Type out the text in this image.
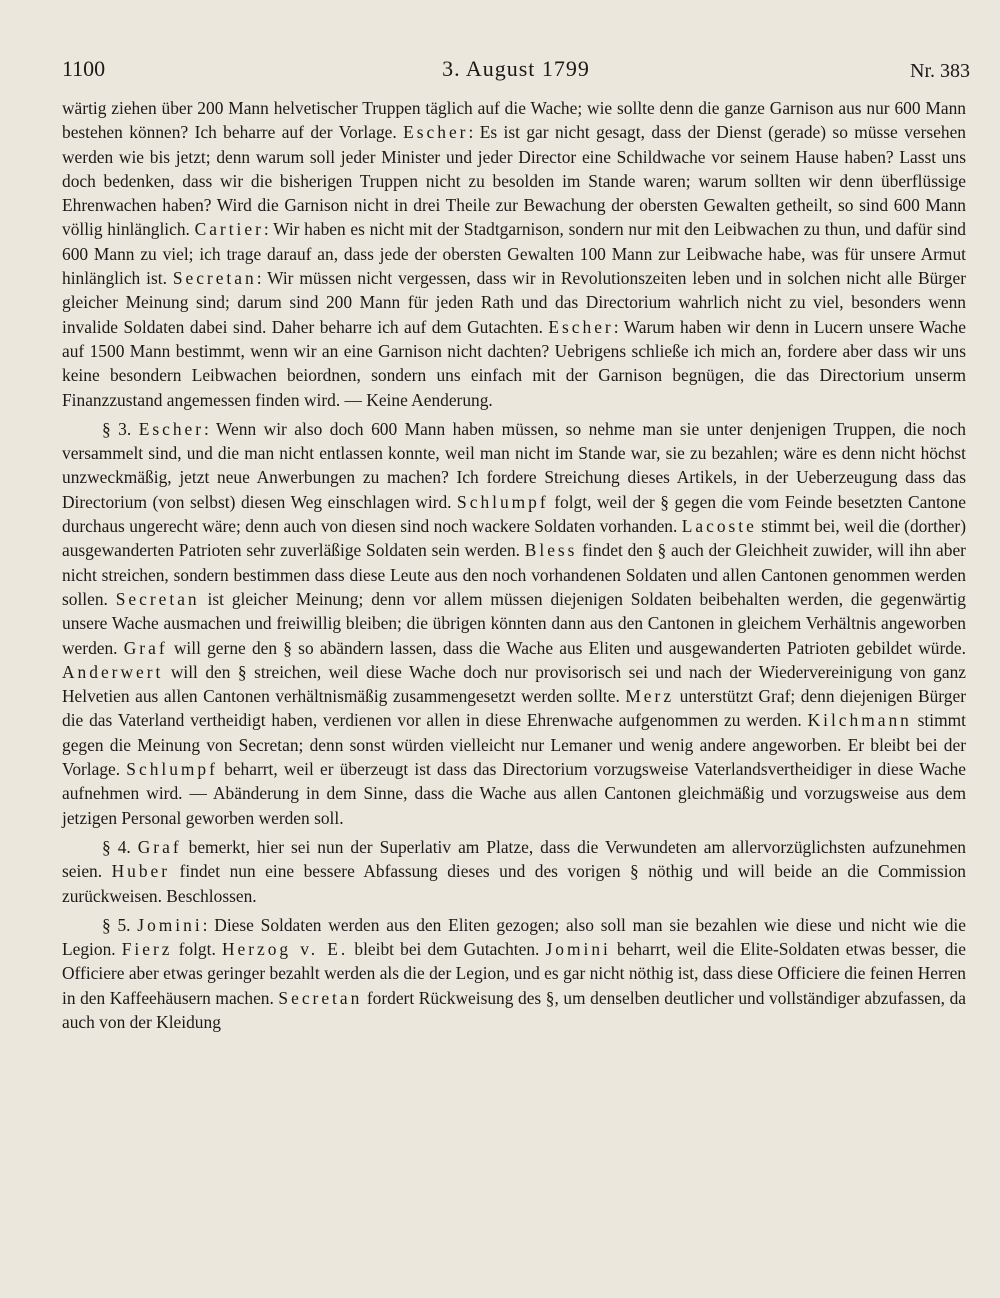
1100	3. August 1799	Nr. 383

wärtig ziehen über 200 Mann helvetischer Truppen täglich auf die Wache; wie sollte denn die ganze Garnison aus nur 600 Mann bestehen können? Ich beharre auf der Vorlage. Escher: Es ist gar nicht gesagt, dass der Dienst (gerade) so müsse versehen werden wie bis jetzt; denn warum soll jeder Minister und jeder Director eine Schildwache vor seinem Hause haben? Lasst uns doch bedenken, dass wir die bisherigen Truppen nicht zu besolden im Stande waren; warum sollten wir denn überflüssige Ehrenwachen haben? Wird die Garnison nicht in drei Theile zur Bewachung der obersten Gewalten getheilt, so sind 600 Mann völlig hinlänglich. Cartier: Wir haben es nicht mit der Stadtgarnison, sondern nur mit den Leibwachen zu thun, und dafür sind 600 Mann zu viel; ich trage darauf an, dass jede der obersten Gewalten 100 Mann zur Leibwache habe, was für unsere Armut hinlänglich ist. Secretan: Wir müssen nicht vergessen, dass wir in Revolutionszeiten leben und in solchen nicht alle Bürger gleicher Meinung sind; darum sind 200 Mann für jeden Rath und das Directorium wahrlich nicht zu viel, besonders wenn invalide Soldaten dabei sind. Daher beharre ich auf dem Gutachten. Escher: Warum haben wir denn in Lucern unsere Wache auf 1500 Mann bestimmt, wenn wir an eine Garnison nicht dachten? Uebrigens schließe ich mich an, fordere aber dass wir uns keine besondern Leibwachen beiordnen, sondern uns einfach mit der Garnison begnügen, die das Directorium unserm Finanzzustand angemessen finden wird. — Keine Aenderung.

§ 3. Escher: Wenn wir also doch 600 Mann haben müssen, so nehme man sie unter denjenigen Truppen, die noch versammelt sind, und die man nicht entlassen konnte, weil man nicht im Stande war, sie zu bezahlen; wäre es denn nicht höchst unzweckmäßig, jetzt neue Anwerbungen zu machen? Ich fordere Streichung dieses Artikels, in der Ueberzeugung dass das Directorium (von selbst) diesen Weg einschlagen wird. Schlumpf folgt, weil der § gegen die vom Feinde besetzten Cantone durchaus ungerecht wäre; denn auch von diesen sind noch wackere Soldaten vorhanden. Lacoste stimmt bei, weil die (dorther) ausgewanderten Patrioten sehr zuverläßige Soldaten sein werden. Bless findet den § auch der Gleichheit zuwider, will ihn aber nicht streichen, sondern bestimmen dass diese Leute aus den noch vorhandenen Soldaten und allen Cantonen genommen werden sollen. Secretan ist gleicher Meinung; denn vor allem müssen diejenigen Soldaten beibehalten werden, die gegenwärtig unsere Wache ausmachen und freiwillig bleiben; die übrigen könnten dann aus den Cantonen in gleichem Verhältnis angeworben werden. Graf will gerne den § so abändern lassen, dass die Wache aus Eliten und ausgewanderten Patrioten gebildet würde. Anderwert will den § streichen, weil diese Wache doch nur provisorisch sei und nach der Wiedervereinigung von ganz Helvetien aus allen Cantonen verhältnismäßig zusammengesetzt werden sollte. Merz unterstützt Graf; denn diejenigen Bürger die das Vaterland vertheidigt haben, verdienen vor allen in diese Ehrenwache aufgenommen zu werden. Kilchmann stimmt gegen die Meinung von Secretan; denn sonst würden vielleicht nur Lemaner und wenig andere angeworben. Er bleibt bei der Vorlage. Schlumpf beharrt, weil er überzeugt ist dass das Directorium vorzugsweise Vaterlandsvertheidiger in diese Wache aufnehmen wird. — Abänderung in dem Sinne, dass die Wache aus allen Cantonen gleichmäßig und vorzugsweise aus dem jetzigen Personal geworben werden soll.

§ 4. Graf bemerkt, hier sei nun der Superlativ am Platze, dass die Verwundeten am allervorzüglichsten aufzunehmen seien. Huber findet nun eine bessere Abfassung dieses und des vorigen § nöthig und will beide an die Commission zurückweisen. Beschlossen.

§ 5. Jomini: Diese Soldaten werden aus den Eliten gezogen; also soll man sie bezahlen wie diese und nicht wie die Legion. Fierz folgt. Herzog v. E. bleibt bei dem Gutachten. Jomini beharrt, weil die Elite-Soldaten etwas besser, die Officiere aber etwas geringer bezahlt werden als die der Legion, und es gar nicht nöthig ist, dass diese Officiere die feinen Herren in den Kaffeehäusern machen. Secretan fordert Rückweisung des §, um denselben deutlicher und vollständiger abzufassen, da auch von der Kleidung
